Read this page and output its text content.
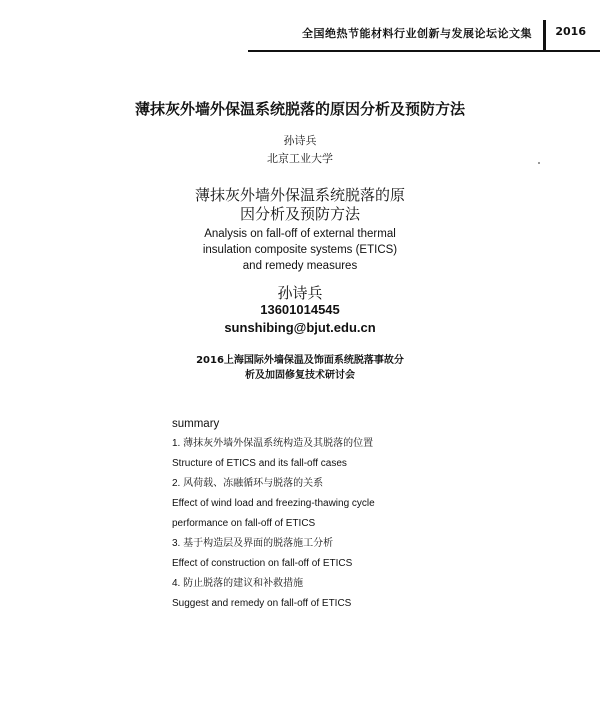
全国绝热节能材料行业创新与发展论坛论文集 2016
薄抹灰外墙外保温系统脱落的原因分析及预防方法
孙诗兵
北京工业大学
薄抹灰外墙外保温系统脱落的原
因分析及预防方法
Analysis on fall-off of external thermal
insulation composite systems (ETICS)
and remedy measures
孙诗兵
13601014545
sunshibing@bjut.edu.cn
2016上海国际外墙保温及饰面系统脱落事故分
析及加固修复技术研讨会
summary
1. 薄抹灰外墙外保温系统构造及其脱落的位置
Structure of ETICS and its fall-off cases
2. 风荷载、冻融循环与脱落的关系
Effect of wind load and freezing-thawing cycle
performance on fall-off of ETICS
3. 基于构造层及界面的脱落施工分析
Effect of construction on fall-off of ETICS
4. 防止脱落的建议和补救措施
Suggest and remedy on fall-off of ETICS
